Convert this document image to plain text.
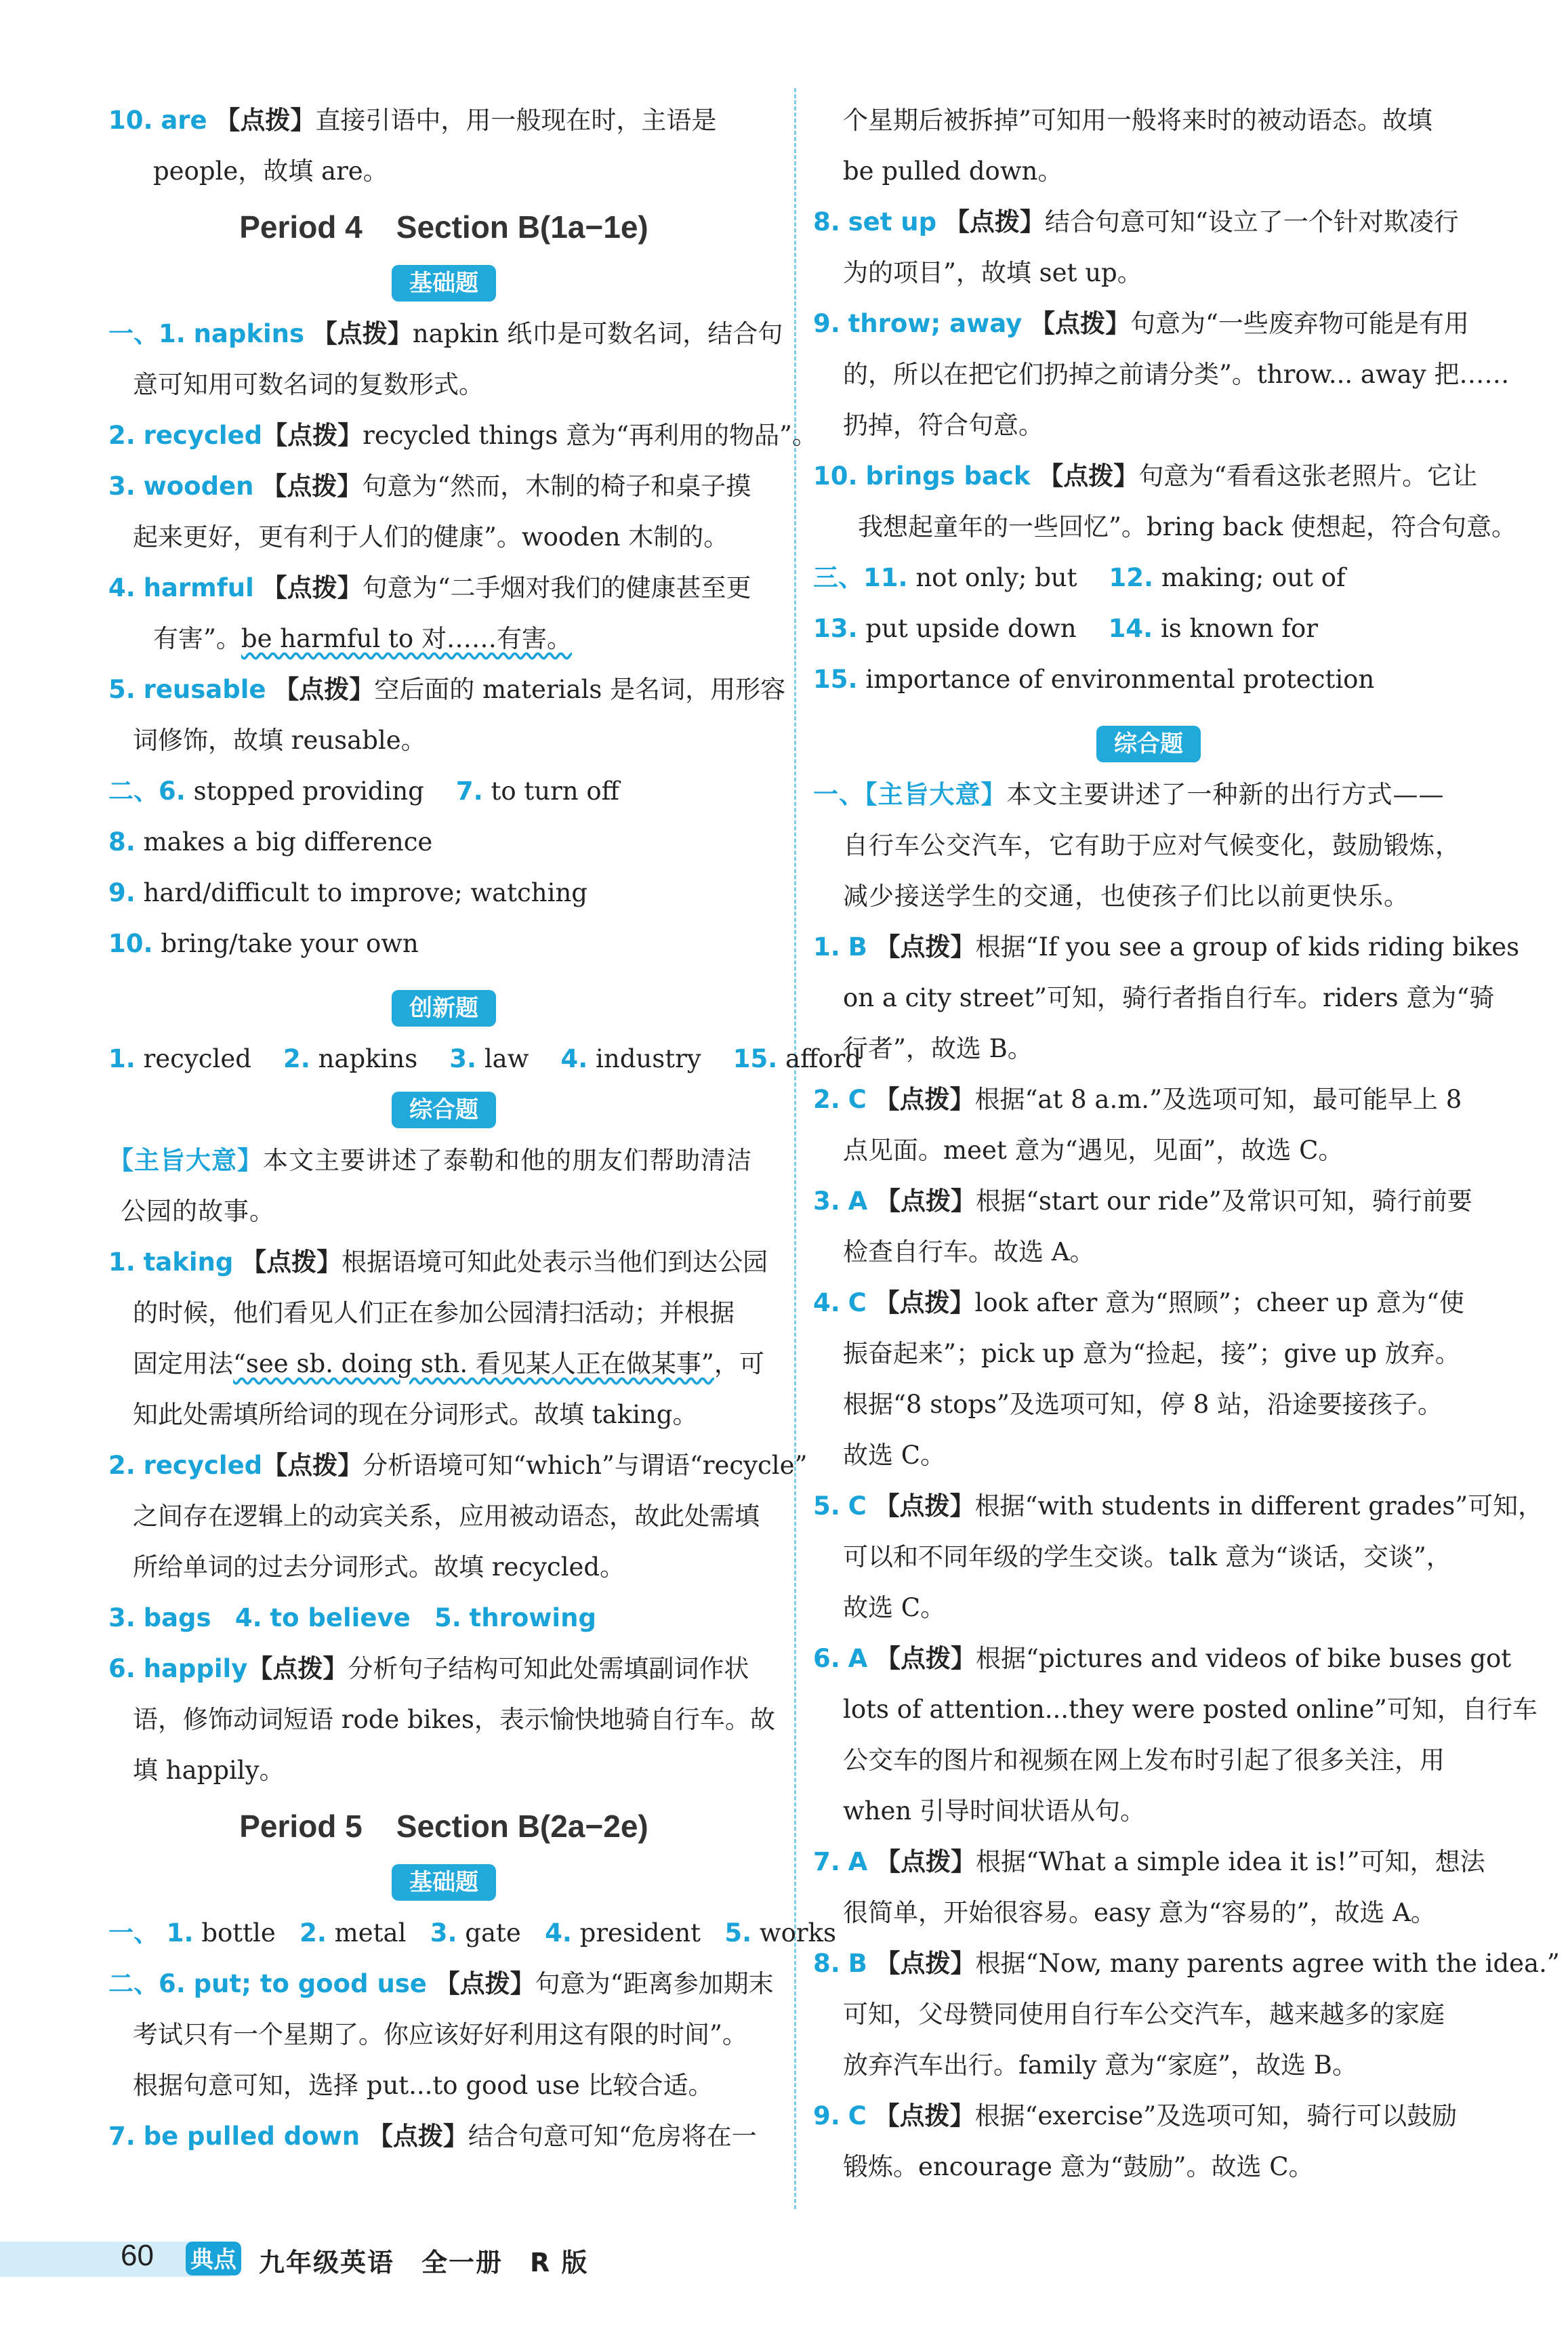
10. are 【点拨】直接引语中，用一般现在时，主语是
people，故填 are。
Period 4 Section B(1a−1e)
基础题
一、1. napkins 【点拨】napkin 纸巾是可数名词，结合句
意可知用可数名词的复数形式。
2. recycled【点拨】recycled things 意为“再利用的物品”。
3. wooden 【点拨】句意为“然而，木制的椅子和桌子摸
起来更好，更有利于人们的健康”。wooden 木制的。
4. harmful 【点拨】句意为“二手烟对我们的健康甚至更
有害”。be harmful to 对……有害。
5. reusable 【点拨】空后面的 materials 是名词，用形容
词修饰，故填 reusable。
二、6. stopped providing 7. to turn off
8. makes a big difference
9. hard/difficult to improve; watching
10. bring/take your own
创新题
1. recycled 2. napkins 3. law 4. industry 15. afford
综合题
【主旨大意】本文主要讲述了泰勒和他的朋友们帮助清洁
公园的故事。
1. taking 【点拨】根据语境可知此处表示当他们到达公园
的时候，他们看见人们正在参加公园清扫活动；并根据
固定用法“see sb. doing sth. 看见某人正在做某事”，可
知此处需填所给词的现在分词形式。故填 taking。
2. recycled【点拨】分析语境可知“which”与谓语“recycle”
之间存在逻辑上的动宾关系，应用被动语态，故此处需填
所给单词的过去分词形式。故填 recycled。
3. bags 4. to believe 5. throwing
6. happily【点拨】分析句子结构可知此处需填副词作状
语，修饰动词短语 rode bikes，表示愉快地骑自行车。故
填 happily。
Period 5 Section B(2a−2e)
基础题
一、 1. bottle 2. metal 3. gate 4. president 5. works
二、6. put; to good use 【点拨】句意为“距离参加期末
考试只有一个星期了。你应该好好利用这有限的时间”。
根据句意可知，选择 put...to good use 比较合适。
7. be pulled down 【点拨】结合句意可知“危房将在一
个星期后被拆掉”可知用一般将来时的被动语态。故填
be pulled down。
8. set up 【点拨】结合句意可知“设立了一个针对欺凌行
为的项目”，故填 set up。
9. throw; away 【点拨】句意为“一些废弃物可能是有用
的，所以在把它们扔掉之前请分类”。throw... away 把……
扔掉，符合句意。
10. brings back 【点拨】句意为“看看这张老照片。它让
我想起童年的一些回忆”。bring back 使想起，符合句意。
三、11. not only; but 12. making; out of
13. put upside down 14. is known for
15. importance of environmental protection
综合题
一、【主旨大意】本文主要讲述了一种新的出行方式——
自行车公交汽车，它有助于应对气候变化，鼓励锻炼，
减少接送学生的交通，也使孩子们比以前更快乐。
1. B 【点拨】根据“If you see a group of kids riding bikes
on a city street”可知，骑行者指自行车。riders 意为“骑
行者”，故选 B。
2. C 【点拨】根据“at 8 a.m.”及选项可知，最可能早上 8
点见面。meet 意为“遇见，见面”，故选 C。
3. A 【点拨】根据“start our ride”及常识可知，骑行前要
检查自行车。故选 A。
4. C 【点拨】look after 意为“照顾”；cheer up 意为“使
振奋起来”；pick up 意为“捡起，接”；give up 放弃。
根据“8 stops”及选项可知，停 8 站，沿途要接孩子。
故选 C。
5. C 【点拨】根据“with students in different grades”可知，
可以和不同年级的学生交谈。talk 意为“谈话，交谈”，
故选 C。
6. A 【点拨】根据“pictures and videos of bike buses got
lots of attention...they were posted online”可知，自行车
公交车的图片和视频在网上发布时引起了很多关注，用
when 引导时间状语从句。
7. A 【点拨】根据“What a simple idea it is!”可知，想法
很简单，开始很容易。easy 意为“容易的”，故选 A。
8. B 【点拨】根据“Now, many parents agree with the idea.”
可知，父母赞同使用自行车公交汽车，越来越多的家庭
放弃汽车出行。family 意为“家庭”，故选 B。
9. C 【点拨】根据“exercise”及选项可知，骑行可以鼓励
锻炼。encourage 意为“鼓励”。故选 C。
60 典点 九年级英语　全一册　R 版
